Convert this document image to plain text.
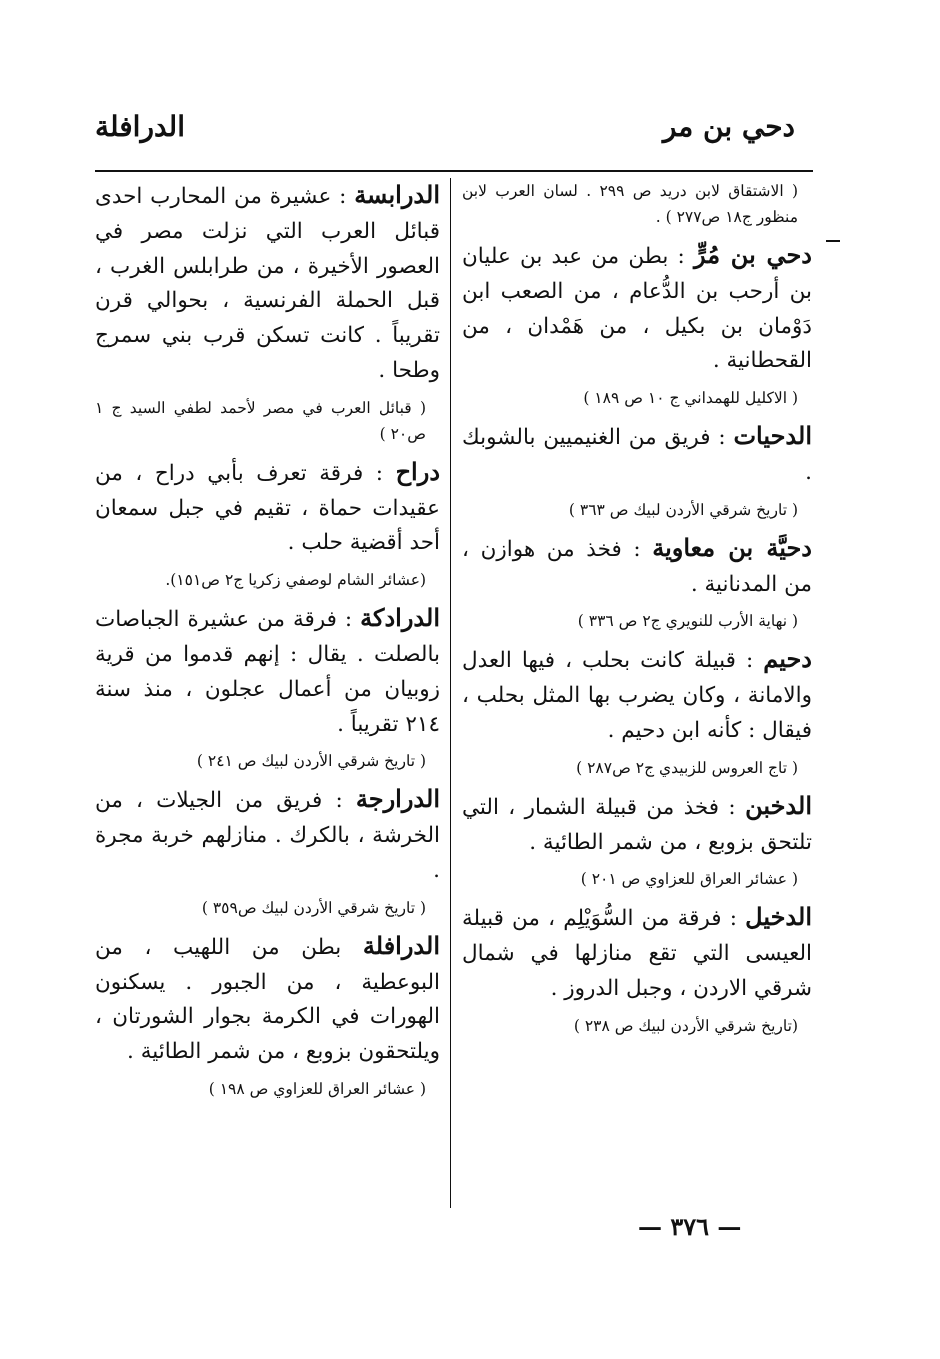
دحي بن مر
الدرافلة
( الاشتقاق لابن دريد ص ٢٩٩ . لسان العرب لابن منظور ج١٨ ص٢٧٧ ) .
دحي بن مُرٍّ : بطن من عبد بن عليان بن أرحب بن الدُّعام ، من الصعب ابن دَوْمان بن بكيل ، من هَمْدان ، من القحطانية .
( الاكليل للهمداني ج ١٠ ص ١٨٩ )
الدحيات : فريق من الغنيميين بالشوبك .
( تاريخ شرقي الأردن لبيك ص ٣٦٣ )
دحيَّة بن معاوية : فخذ من هوازن ، من المدنانية .
( نهاية الأرب للنويري ج٢ ص ٣٣٦ )
دحيم : قبيلة كانت بحلب ، فيها العدل والامانة ، وكان يضرب بها المثل بحلب ، فيقال : كأنه ابن دحيم .
( تاج العروس للزبيدي ج٢ ص٢٨٧ )
الدخبن : فخذ من قبيلة الشمار ، التي تلتحق بزوبع ، من شمر الطائية .
( عشائر العراق للعزاوي ص ٢٠١ )
الدخيل : فرقة من السُّوَيْلِم ، من قبيلة العيسى التي تقع منازلها في شمال شرقي الاردن ، وجبل الدروز .
(تاريخ شرقي الأردن لبيك ص ٢٣٨ )
الدرابسة : عشيرة من المحارب احدى قبائل العرب التي نزلت مصر في العصور الأخيرة ، من طرابلس الغرب ، قبل الحملة الفرنسية ، بحوالي قرن تقريباً . كانت تسكن قرب بني سمرج وطحا .
( قبائل العرب في مصر لأحمد لطفي السيد ج ١ ص٢٠ )
دراح : فرقة تعرف بأبي دراح ، من عقيدات حماة ، تقيم في جبل سمعان أحد أقضية حلب .
(عشائر الشام لوصفي زكريا ج٢ ص١٥١).
الدرادكة : فرقة من عشيرة الجباصات بالصلت . يقال : إنهم قدموا من قرية زوبيان من أعمال عجلون ، منذ سنة ٢١٤ تقريباً .
( تاريخ شرقي الأردن لبيك ص ٢٤١ )
الدرارجة : فريق من الجيلات ، من الخرشة ، بالكرك . منازلهم خربة مجرة .
( تاريخ شرقي الأردن لبيك ص٣٥٩ )
الدرافلة بطن من اللهيب ، من البوعطية ، من الجبور . يسكنون الهورات في الكرمة بجوار الشورتان ، ويلتحقون بزوبع ، من شمر الطائية .
( عشائر العراق للعزاوي ص ١٩٨ )
— ٣٧٦ —
